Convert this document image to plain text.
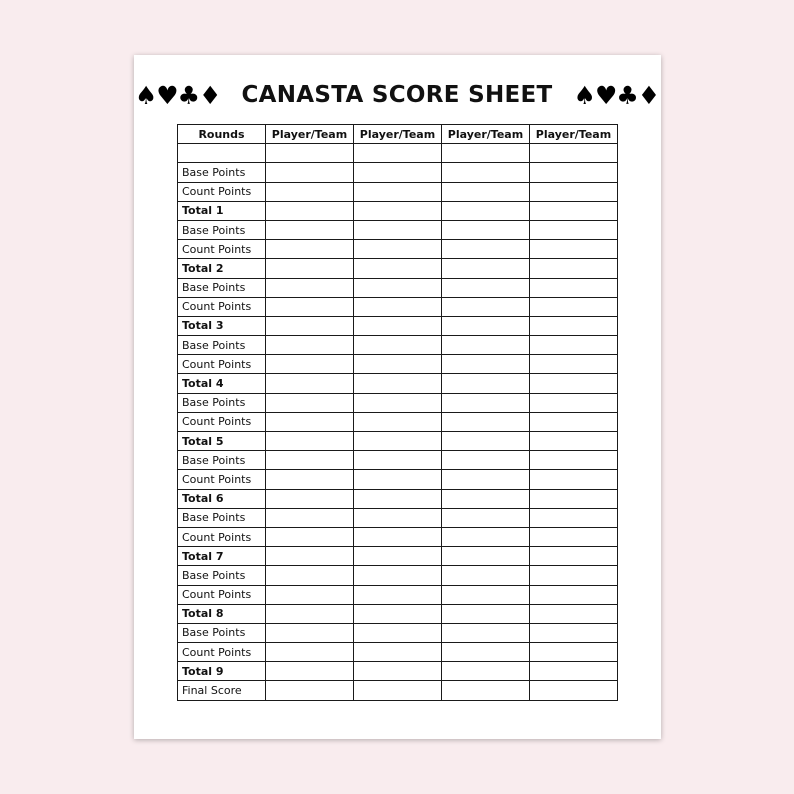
♠♥♣♦ CANASTA SCORE SHEET ♠♥♣♦
Rounds	Player/Team	Player/Team	Player/Team	Player/Team

Base Points				
Count Points				
Total 1				
Base Points				
Count Points				
Total 2				
Base Points				
Count Points				
Total 3				
Base Points				
Count Points				
Total 4				
Base Points				
Count Points				
Total 5				
Base Points				
Count Points				
Total 6				
Base Points				
Count Points				
Total 7				
Base Points				
Count Points				
Total 8				
Base Points				
Count Points				
Total 9				
Final Score				
